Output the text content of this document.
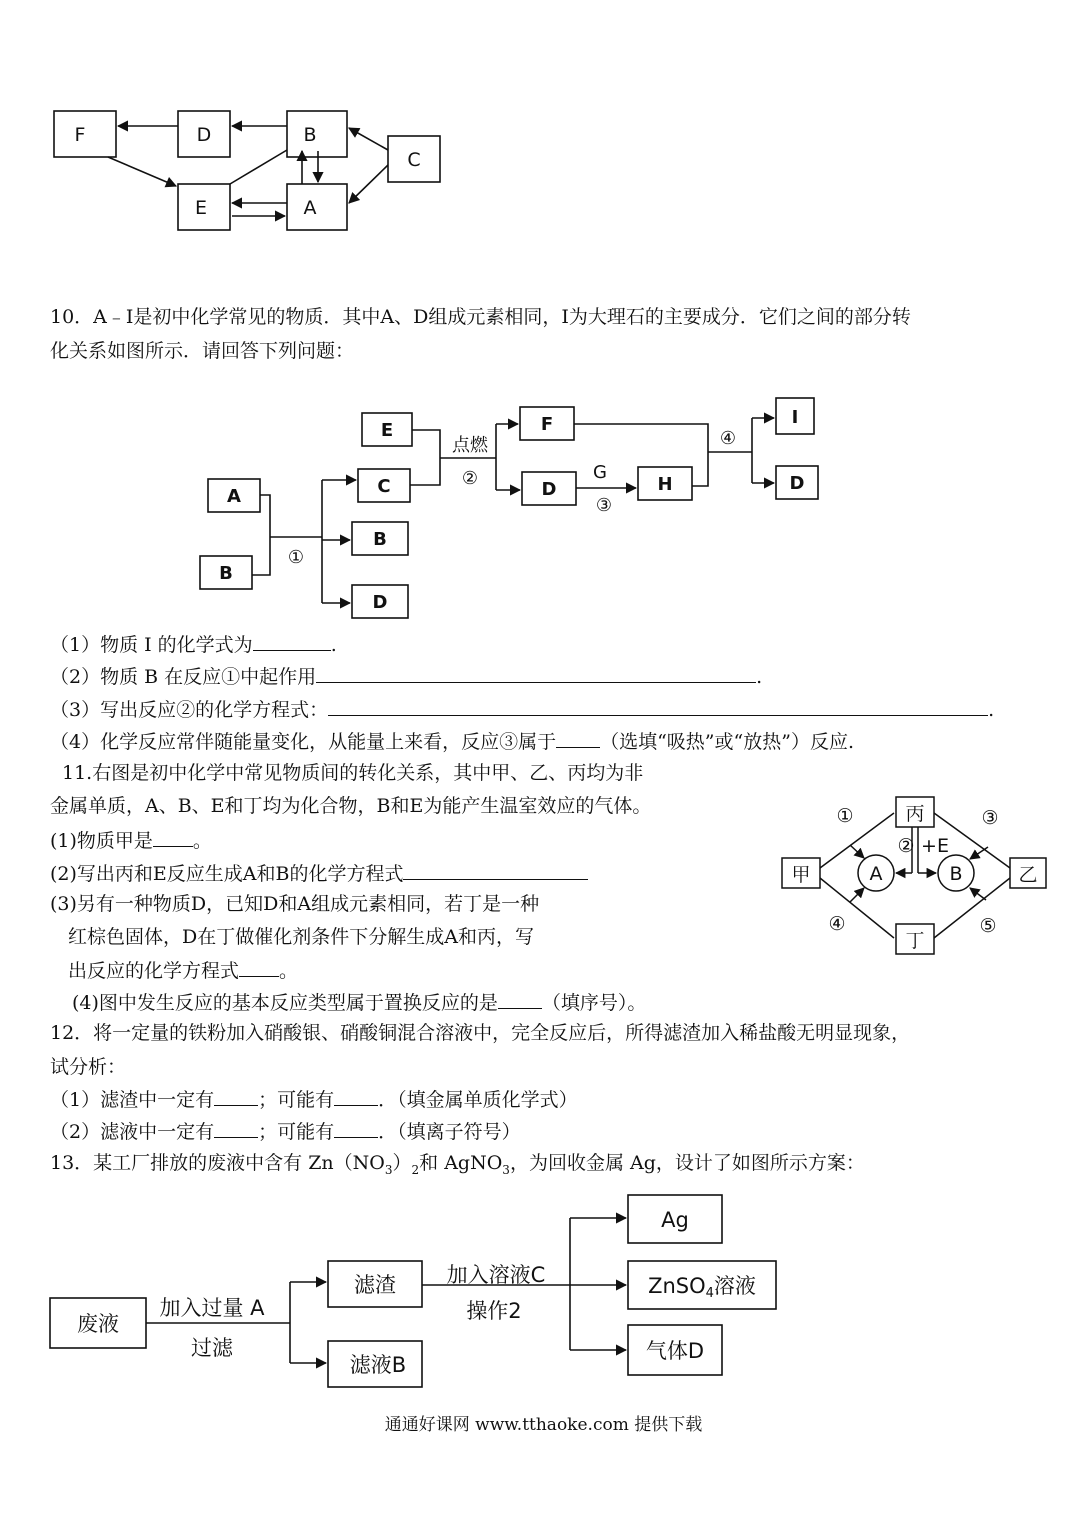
F	D	B
C
E	A
10．A﹣I是初中化学常见的物质．其中A、D组成元素相同，I为大理石的主要成分．它们之间的部分转
化关系如图所示．请回答下列问题：
A
B
C
B
D
E	F
D	H
I
D
①
点燃
②	G
③
④
（1）物质 I 的化学式为	.
（2）物质 B 在反应①中起作用	.
（3）写出反应②的化学方程式：	.
（4）化学反应常伴随能量变化，从能量上来看，反应③属于 （选填“吸热”或“放热”）反应.
11.右图是初中化学中常见物质间的转化关系，其中甲、乙、丙均为非
金属单质，A、B、E和丁均为化合物，B和E为能产生温室效应的气体。
(1)物质甲是 。
(2)写出丙和E反应生成A和B的化学方程式
(3)另有一种物质D，已知D和A组成元素相同，若丁是一种
红棕色固体，D在丁做催化剂条件下分解生成A和丙，写
出反应的化学方程式 。
(4)图中发生反应的基本反应类型属于置换反应的是 （填序号）。
丙
甲	乙
丁
A	B
①
② +E
③
④	⑤
12．将一定量的铁粉加入硝酸银、硝酸铜混合溶液中，完全反应后，所得滤渣加入稀盐酸无明显现象，
试分析：
（1）滤渣中一定有 ；可能有 ．（填金属单质化学式）
（2）滤液中一定有 ；可能有 ．（填离子符号）
13．某工厂排放的废液中含有 $Zn(NO_3)_2$和 AgNO$_3$，为回收金属 Ag，设计了如图所示方案：
废液
加入过量 A
过滤
滤渣
滤液B
加入溶液C
操作2
Ag
ZnSO4溶液
气体D
通通好课网 www.tthaoke.com 提供下载
